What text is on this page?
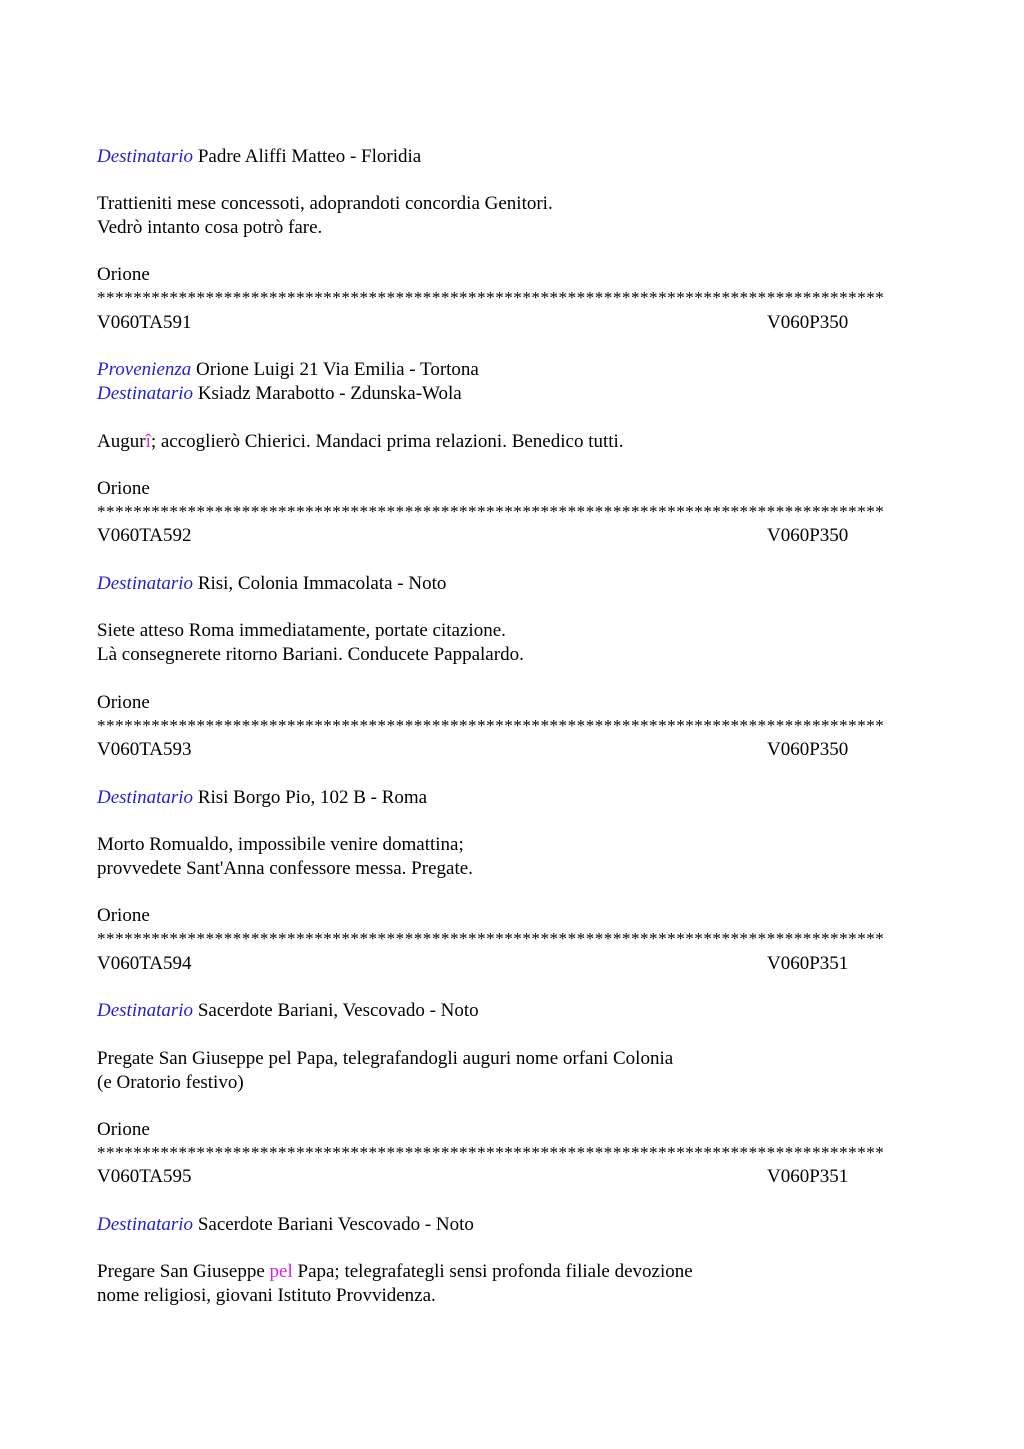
Destinatario Padre Aliffi Matteo - Floridia
Trattieniti mese concessoti, adoprandoti concordia Genitori.
Vedrò intanto cosa potrò fare.
Orione
***************************************************************************************
V060TA591	V060P350
Provenienza Orione Luigi 21 Via Emilia - Tortona
Destinatario Ksiadz Marabotto - Zdunska-Wola
Augurî; accoglierò Chierici. Mandaci prima relazioni. Benedico tutti.
Orione
***************************************************************************************
V060TA592	V060P350
Destinatario Risi, Colonia Immacolata - Noto
Siete atteso Roma immediatamente, portate citazione.
Là consegnerete ritorno Bariani. Conducete Pappalardo.
Orione
***************************************************************************************
V060TA593	V060P350
Destinatario Risi Borgo Pio, 102 B - Roma
Morto Romualdo, impossibile venire domattina;
provvedete Sant'Anna confessore messa. Pregate.
Orione
***************************************************************************************
V060TA594	V060P351
Destinatario Sacerdote Bariani, Vescovado - Noto
Pregate San Giuseppe pel Papa, telegrafandogli auguri nome orfani Colonia
(e Oratorio festivo)
Orione
***************************************************************************************
V060TA595	V060P351
Destinatario Sacerdote Bariani Vescovado - Noto
Pregare San Giuseppe pel Papa; telegrafategli sensi profonda filiale devozione
nome religiosi, giovani Istituto Provvidenza.
